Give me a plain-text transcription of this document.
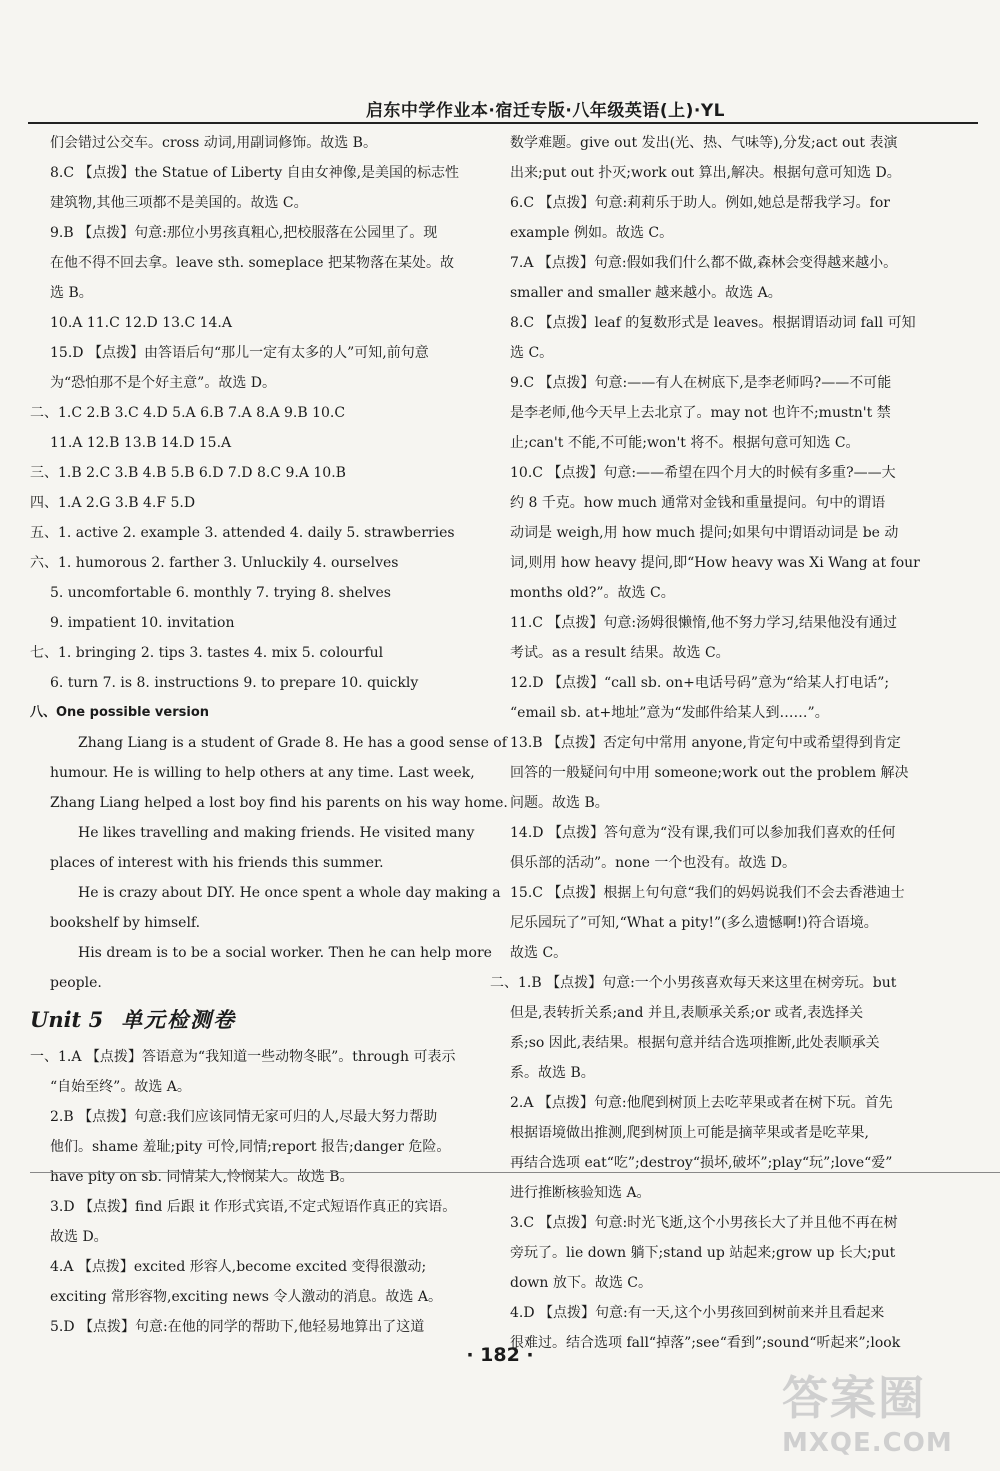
启东中学作业本·宿迁专版·八年级英语(上)·YL
们会错过公交车。cross 动词,用副词修饰。故选 B。
8.C 【点拨】the Statue of Liberty 自由女神像,是美国的标志性
建筑物,其他三项都不是美国的。故选 C。
9.B 【点拨】句意:那位小男孩真粗心,把校服落在公园里了。现
在他不得不回去拿。leave sth. someplace 把某物落在某处。故
选 B。
10.A 11.C 12.D 13.C 14.A
15.D 【点拨】由答语后句“那儿一定有太多的人”可知,前句意
为“恐怕那不是个好主意”。故选 D。
二、1.C 2.B 3.C 4.D 5.A 6.B 7.A 8.A 9.B 10.C
11.A 12.B 13.B 14.D 15.A
三、1.B 2.C 3.B 4.B 5.B 6.D 7.D 8.C 9.A 10.B
四、1.A 2.G 3.B 4.F 5.D
五、1. active 2. example 3. attended 4. daily 5. strawberries
六、1. humorous 2. farther 3. Unluckily 4. ourselves
5. uncomfortable 6. monthly 7. trying 8. shelves
9. impatient 10. invitation
七、1. bringing 2. tips 3. tastes 4. mix 5. colourful
6. turn 7. is 8. instructions 9. to prepare 10. quickly
八、One possible version
Zhang Liang is a student of Grade 8. He has a good sense of
humour. He is willing to help others at any time. Last week,
Zhang Liang helped a lost boy find his parents on his way home.
He likes travelling and making friends. He visited many
places of interest with his friends this summer.
He is crazy about DIY. He once spent a whole day making a
bookshelf by himself.
His dream is to be a social worker. Then he can help more
people.
Unit 5 单元检测卷
一、1.A 【点拨】答语意为“我知道一些动物冬眠”。through 可表示
“自始至终”。故选 A。
2.B 【点拨】句意:我们应该同情无家可归的人,尽最大努力帮助
他们。shame 羞耻;pity 可怜,同情;report 报告;danger 危险。
have pity on sb. 同情某人,怜悯某人。故选 B。
3.D 【点拨】find 后跟 it 作形式宾语,不定式短语作真正的宾语。
故选 D。
4.A 【点拨】excited 形容人,become excited 变得很激动;
exciting 常形容物,exciting news 令人激动的消息。故选 A。
5.D 【点拨】句意:在他的同学的帮助下,他轻易地算出了这道
数学难题。give out 发出(光、热、气味等),分发;act out 表演
出来;put out 扑灭;work out 算出,解决。根据句意可知选 D。
6.C 【点拨】句意:莉莉乐于助人。例如,她总是帮我学习。for
example 例如。故选 C。
7.A 【点拨】句意:假如我们什么都不做,森林会变得越来越小。
smaller and smaller 越来越小。故选 A。
8.C 【点拨】leaf 的复数形式是 leaves。根据谓语动词 fall 可知
选 C。
9.C 【点拨】句意:——有人在树底下,是李老师吗?——不可能
是李老师,他今天早上去北京了。may not 也许不;mustn't 禁
止;can't 不能,不可能;won't 将不。根据句意可知选 C。
10.C 【点拨】句意:——希望在四个月大的时候有多重?——大
约 8 千克。how much 通常对金钱和重量提问。句中的谓语
动词是 weigh,用 how much 提问;如果句中谓语动词是 be 动
词,则用 how heavy 提问,即“How heavy was Xi Wang at four
months old?”。故选 C。
11.C 【点拨】句意:汤姆很懒惰,他不努力学习,结果他没有通过
考试。as a result 结果。故选 C。
12.D 【点拨】“call sb. on+电话号码”意为“给某人打电话”;
“email sb. at+地址”意为“发邮件给某人到……”。
13.B 【点拨】否定句中常用 anyone,肯定句中或希望得到肯定
回答的一般疑问句中用 someone;work out the problem 解决
问题。故选 B。
14.D 【点拨】答句意为“没有课,我们可以参加我们喜欢的任何
俱乐部的活动”。none 一个也没有。故选 D。
15.C 【点拨】根据上句句意“我们的妈妈说我们不会去香港迪士
尼乐园玩了”可知,“What a pity!”(多么遗憾啊!)符合语境。
故选 C。
二、1.B 【点拨】句意:一个小男孩喜欢每天来这里在树旁玩。but
但是,表转折关系;and 并且,表顺承关系;or 或者,表选择关
系;so 因此,表结果。根据句意并结合选项推断,此处表顺承关
系。故选 B。
2.A 【点拨】句意:他爬到树顶上去吃苹果或者在树下玩。首先
根据语境做出推测,爬到树顶上可能是摘苹果或者是吃苹果,
再结合选项 eat“吃”;destroy“损坏,破坏”;play“玩”;love“爱”
进行推断核验知选 A。
3.C 【点拨】句意:时光飞逝,这个小男孩长大了并且他不再在树
旁玩了。lie down 躺下;stand up 站起来;grow up 长大;put
down 放下。故选 C。
4.D 【点拨】句意:有一天,这个小男孩回到树前来并且看起来
很难过。结合选项 fall“掉落”;see“看到”;sound“听起来”;look
· 182 ·
答案圈
MXQE.COM
